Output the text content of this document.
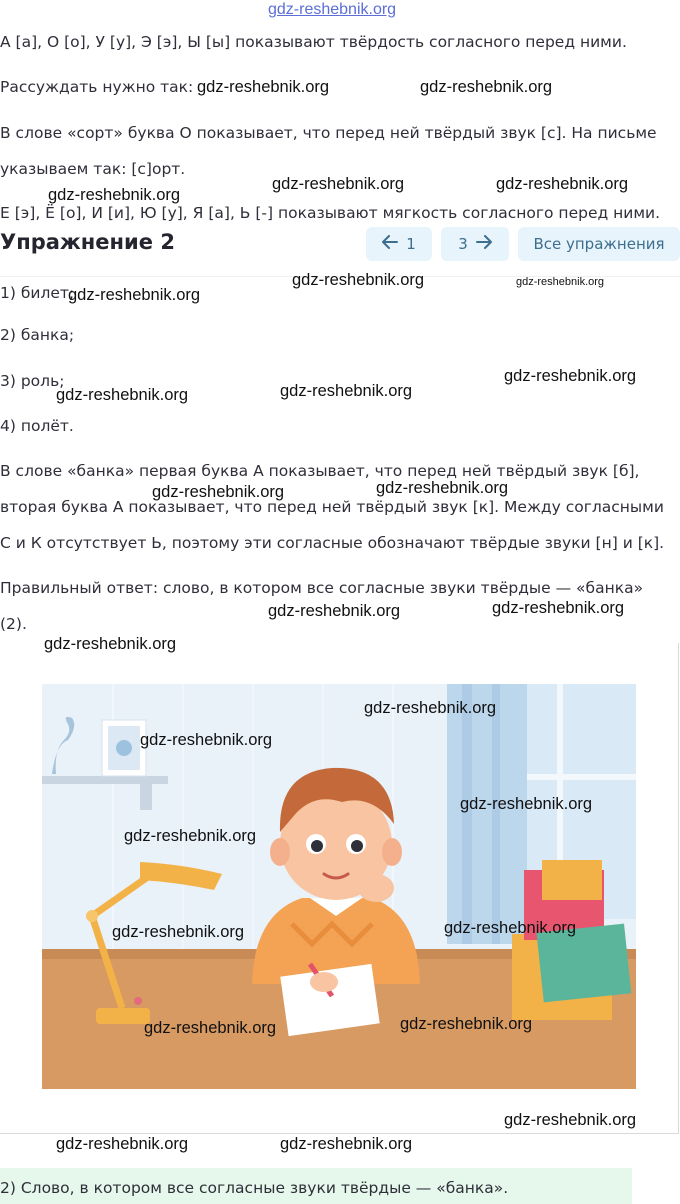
gdz-reshebnik.org
А [а], О [о], У [у], Э [э], Ы [ы] показывают твёрдость согласного перед ними.
Рассуждать нужно так:
В слове «сорт» буква О показывает, что перед ней твёрдый звук [с]. На письме
указываем так: [с]орт.
Е [э], Ё [о], И [и], Ю [у], Я [а], Ь [-] показывают мягкость согласного перед ними.
Упражнение 2	1	3	Все упражнения
1) билет;
2) банка;
3) роль;
4) полёт.
В слове «банка» первая буква А показывает, что перед ней твёрдый звук [б],
вторая буква А показывает, что перед ней твёрдый звук [к]. Между согласными
С и К отсутствует Ь, поэтому эти согласные обозначают твёрдые звуки [н] и [к].
Правильный ответ: слово, в котором все согласные звуки твёрдые — «банка»
(2).
2) Слово, в котором все согласные звуки твёрдые — «банка».
gdz-reshebnik.org	gdz-reshebnik.org
gdz-reshebnik.org	gdz-reshebnik.org
gdz-reshebnik.org
gdz-reshebnik.org	gdz-reshebnik.org
gdz-reshebnik.org
gdz-reshebnik.org
gdz-reshebnik.org
gdz-reshebnik.org
gdz-reshebnik.org
gdz-reshebnik.org
gdz-reshebnik.org
gdz-reshebnik.org
gdz-reshebnik.org
gdz-reshebnik.org
gdz-reshebnik.org
gdz-reshebnik.org
gdz-reshebnik.org
gdz-reshebnik.org
gdz-reshebnik.org
gdz-reshebnik.org
gdz-reshebnik.org
gdz-reshebnik.org
gdz-reshebnik.org	gdz-reshebnik.org
